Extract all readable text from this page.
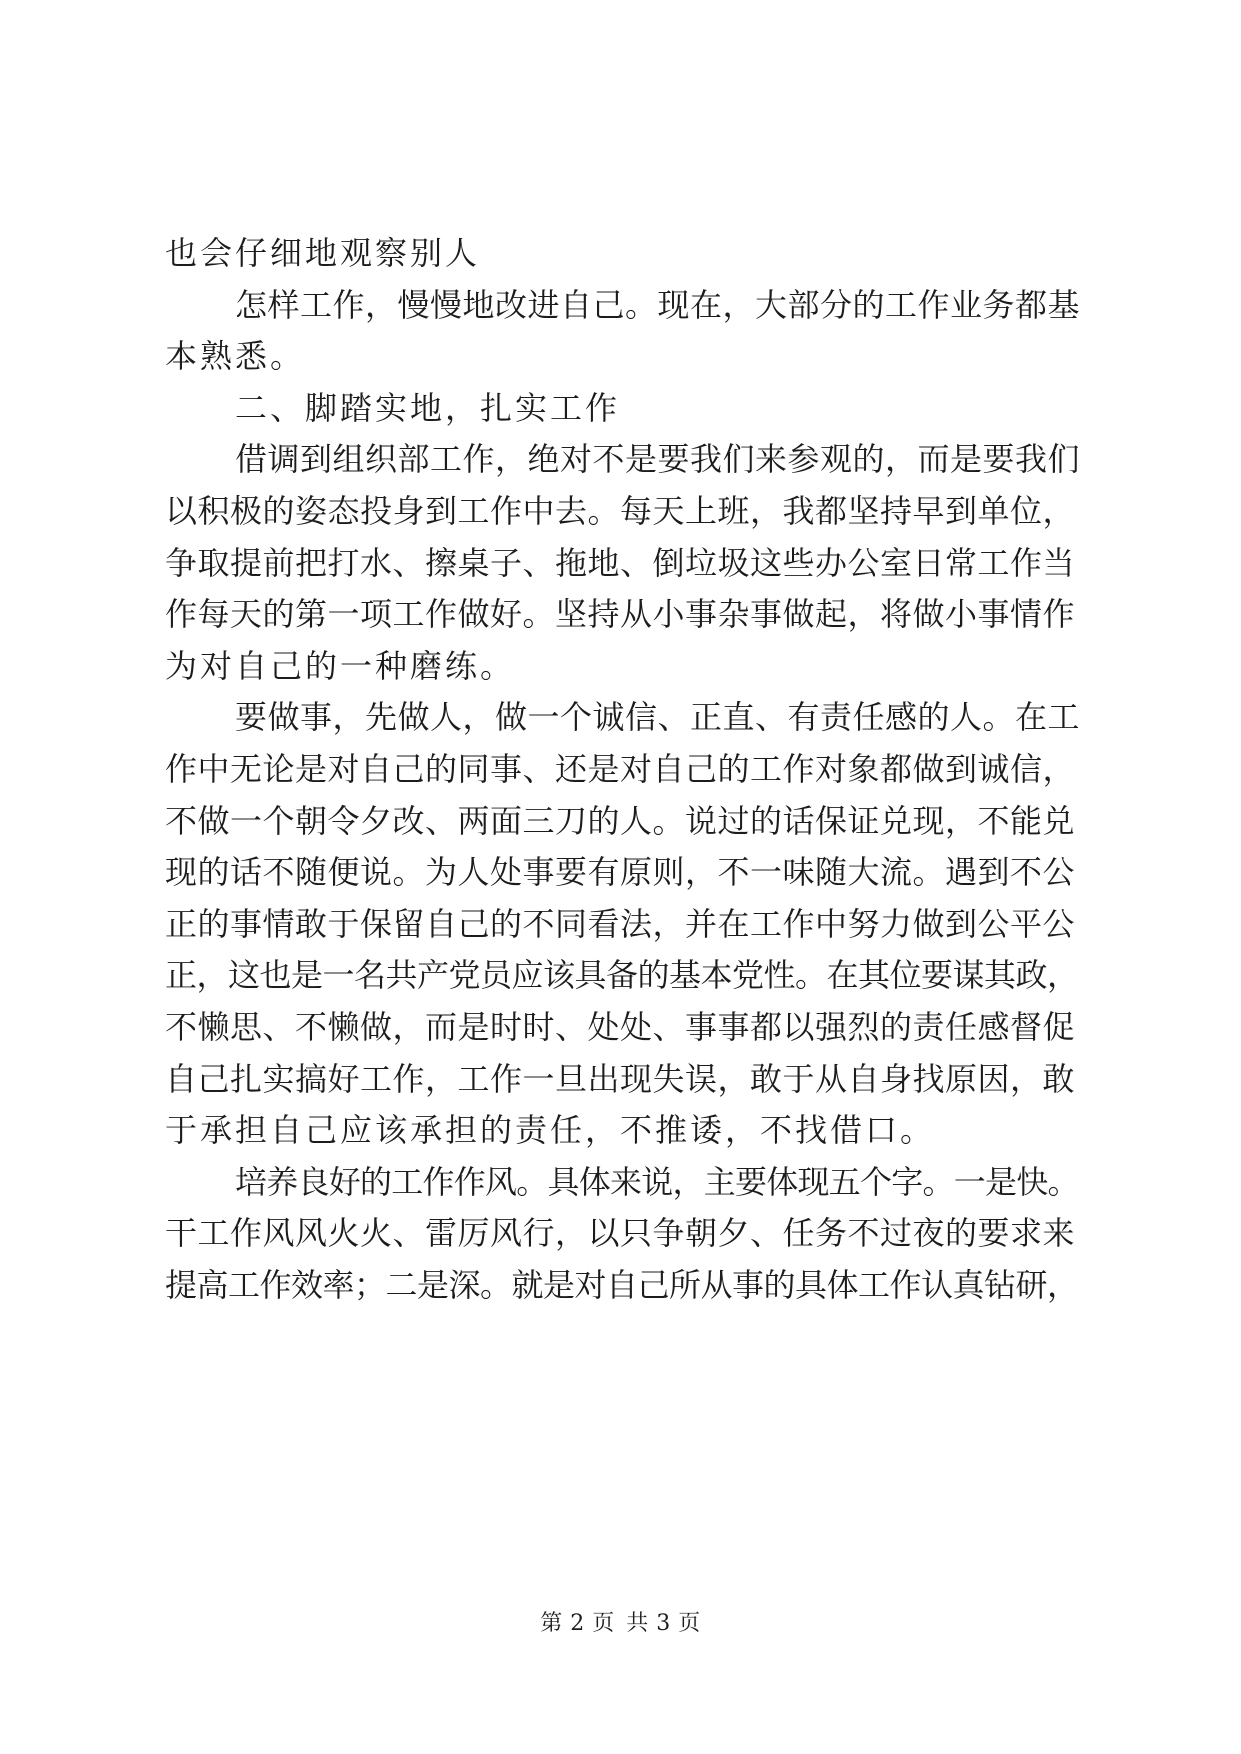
也会仔细地观察别人
怎样工作，慢慢地改进自己。现在，大部分的工作业务都基
本熟悉。
二、脚踏实地，扎实工作
借调到组织部工作，绝对不是要我们来参观的，而是要我们
以积极的姿态投身到工作中去。每天上班，我都坚持早到单位，
争取提前把打水、擦桌子、拖地、倒垃圾这些办公室日常工作当
作每天的第一项工作做好。坚持从小事杂事做起，将做小事情作
为对自己的一种磨练。
要做事，先做人，做一个诚信、正直、有责任感的人。在工
作中无论是对自己的同事、还是对自己的工作对象都做到诚信，
不做一个朝令夕改、两面三刀的人。说过的话保证兑现，不能兑
现的话不随便说。为人处事要有原则，不一味随大流。遇到不公
正的事情敢于保留自己的不同看法，并在工作中努力做到公平公
正，这也是一名共产党员应该具备的基本党性。在其位要谋其政，
不懒思、不懒做，而是时时、处处、事事都以强烈的责任感督促
自己扎实搞好工作，工作一旦出现失误，敢于从自身找原因，敢
于承担自己应该承担的责任，不推诿，不找借口。
培养良好的工作作风。具体来说，主要体现五个字。一是快。
干工作风风火火、雷厉风行，以只争朝夕、任务不过夜的要求来
提高工作效率；二是深。就是对自己所从事的具体工作认真钻研，
第 2 页 共 3 页
